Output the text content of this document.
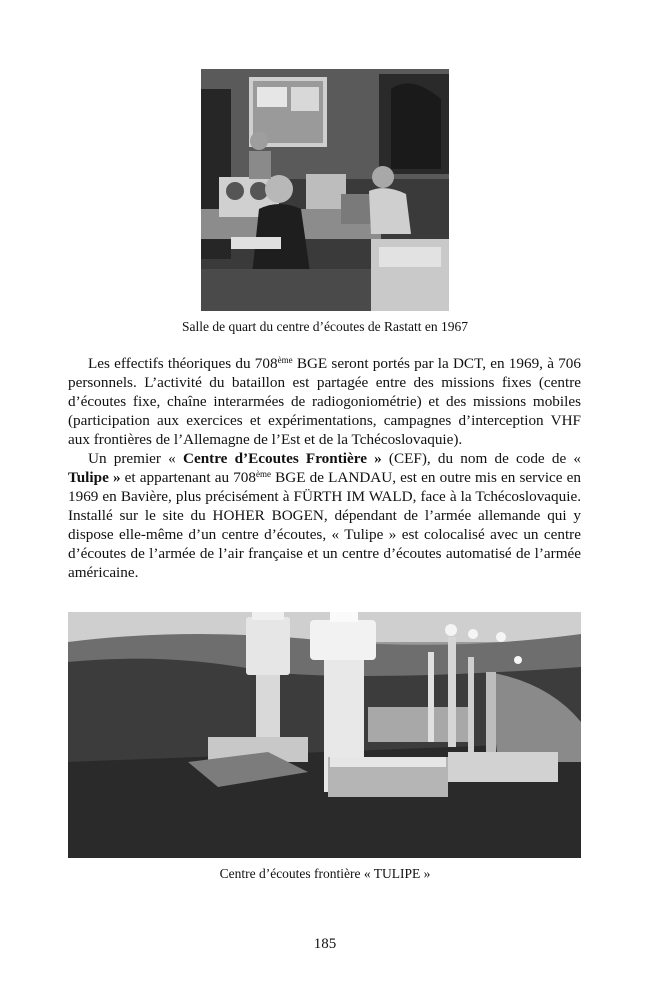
Salle de quart du centre d’écoutes de Rastatt en 1967

Les effectifs théoriques du 708ème BGE seront portés par la DCT, en 1969, à 706 personnels. L’activité du bataillon est partagée entre des missions fixes (centre d’écoutes fixe, chaîne interarmées de radiogoniométrie) et des missions mobiles (participation aux exercices et expérimentations, campagnes d’interception VHF aux frontières de l’Allemagne de l’Est et de la Tchécoslovaquie).

Un premier « Centre d’Ecoutes Frontière » (CEF), du nom de code de « Tulipe » et appartenant au 708ème BGE de LANDAU, est en outre mis en service en 1969 en Bavière, plus précisément à FÜRTH IM WALD, face à la Tchécoslovaquie. Installé sur le site du HOHER BOGEN, dépendant de l’armée allemande qui y dispose elle-même d’un centre d’écoutes, « Tulipe » est colocalisé avec un centre d’écoutes de l’armée de l’air française et un centre d’écoutes automatisé de l’armée américaine.

Centre d’écoutes frontière « TULIPE »
185
